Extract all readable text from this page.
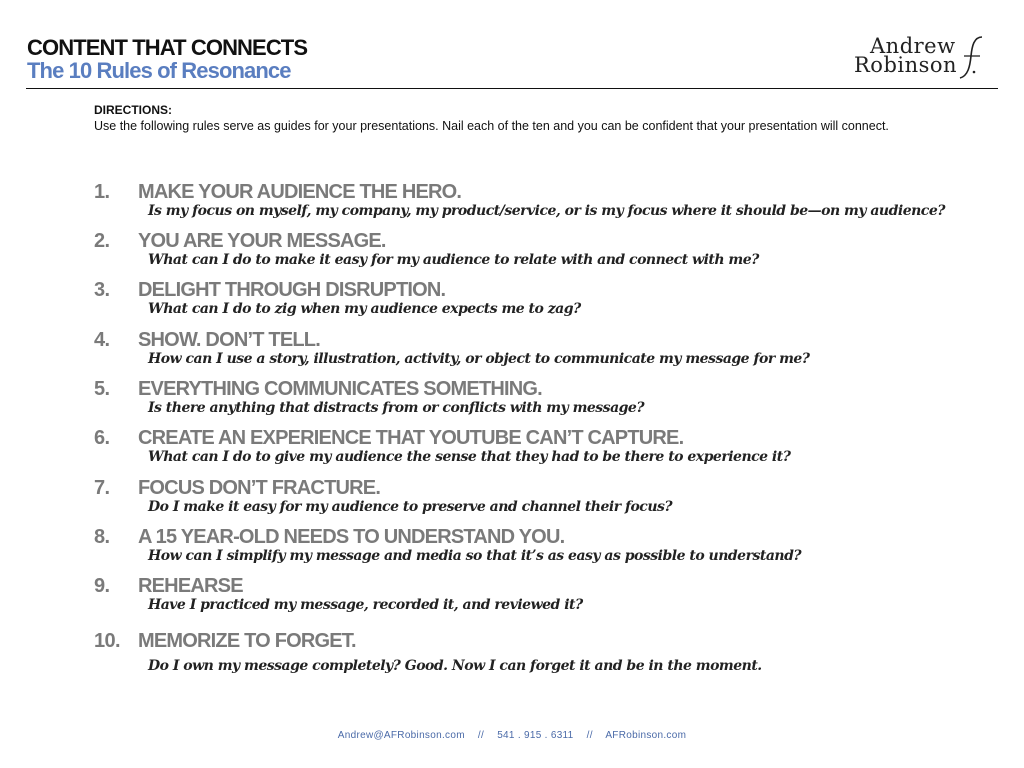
CONTENT THAT CONNECTS
The 10 Rules of Resonance
Andrew
Robinson
DIRECTIONS:
Use the following rules serve as guides for your presentations. Nail each of the ten and you can be confident that your presentation will connect.
1. MAKE YOUR AUDIENCE THE HERO.
Is my focus on myself, my company, my product/service, or is my focus where it should be—on my audience?
2. YOU ARE YOUR MESSAGE.
What can I do to make it easy for my audience to relate with and connect with me?
3. DELIGHT THROUGH DISRUPTION.
What can I do to zig when my audience expects me to zag?
4. SHOW. DON’T TELL.
How can I use a story, illustration, activity, or object to communicate my message for me?
5. EVERYTHING COMMUNICATES SOMETHING.
Is there anything that distracts from or conflicts with my message?
6. CREATE AN EXPERIENCE THAT YOUTUBE CAN’T CAPTURE.
What can I do to give my audience the sense that they had to be there to experience it?
7. FOCUS DON’T FRACTURE.
Do I make it easy for my audience to preserve and channel their focus?
8. A 15 YEAR-OLD NEEDS TO UNDERSTAND YOU.
How can I simplify my message and media so that it’s as easy as possible to understand?
9. REHEARSE
Have I practiced my message, recorded it, and reviewed it?
10. MEMORIZE TO FORGET.
Do I own my message completely? Good. Now I can forget it and be in the moment.
Andrew@AFRobinson.com // 541 . 915 . 6311 // AFRobinson.com
